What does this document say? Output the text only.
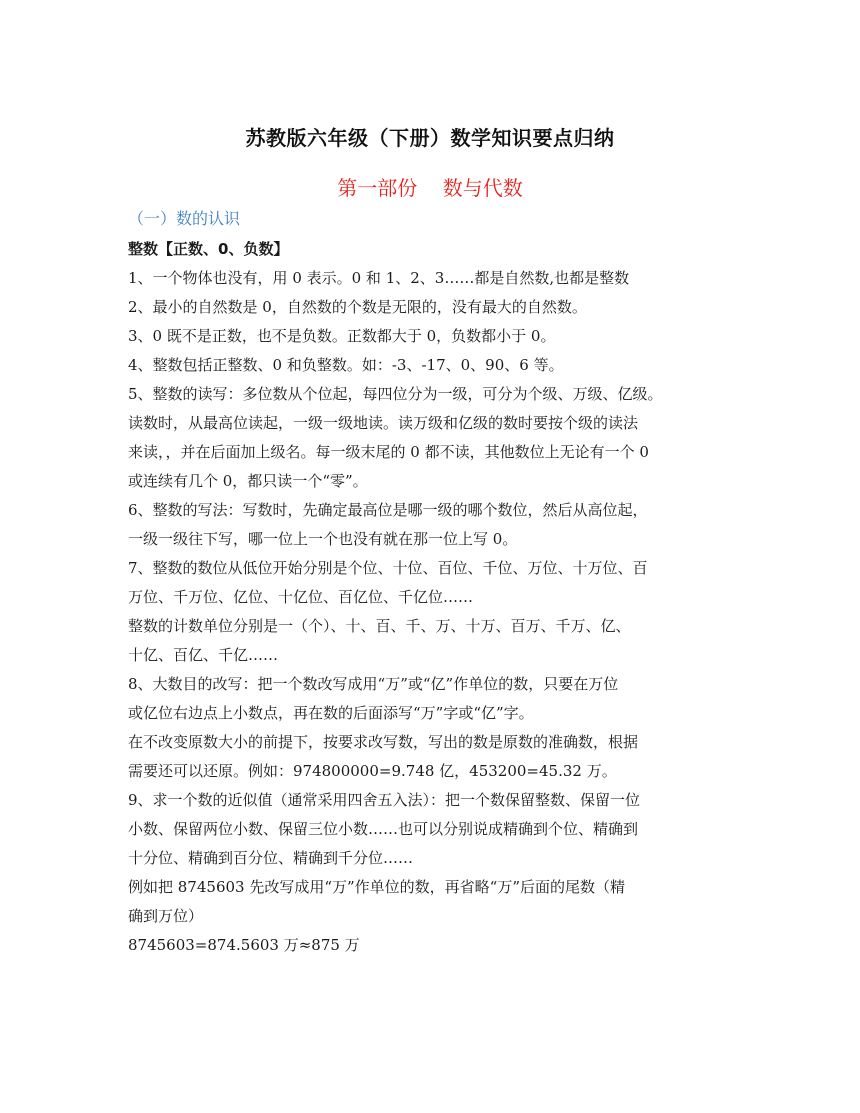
苏教版六年级（下册）数学知识要点归纳
第一部份    数与代数
（一）数的认识
整数【正数、0、负数】
1、一个物体也没有，用 0 表示。0 和 1、2、3……都是自然数,也都是整数
2、最小的自然数是 0，自然数的个数是无限的，没有最大的自然数。
3、0 既不是正数，也不是负数。正数都大于 0，负数都小于 0。
4、整数包括正整数、0 和负整数。如：-3、-17、0、90、6 等。
5、整数的读写：多位数从个位起，每四位分为一级，可分为个级、万级、亿级。
读数时，从最高位读起，一级一级地读。读万级和亿级的数时要按个级的读法
来读，，并在后面加上级名。每一级末尾的 0 都不读，其他数位上无论有一个 0
或连续有几个 0，都只读一个“零”。
6、整数的写法：写数时，先确定最高位是哪一级的哪个数位，然后从高位起，
一级一级往下写，哪一位上一个也没有就在那一位上写 0。
7、整数的数位从低位开始分别是个位、十位、百位、千位、万位、十万位、百
万位、千万位、亿位、十亿位、百亿位、千亿位……
整数的计数单位分别是一（个）、十、百、千、万、十万、百万、千万、亿、
十亿、百亿、千亿……
8、大数目的改写：把一个数改写成用“万”或“亿”作单位的数，只要在万位
或亿位右边点上小数点，再在数的后面添写“万”字或“亿”字。
在不改变原数大小的前提下，按要求改写数，写出的数是原数的准确数，根据
需要还可以还原。例如：974800000=9.748 亿，453200=45.32 万。
9、求一个数的近似值（通常采用四舍五入法）：把一个数保留整数、保留一位
小数、保留两位小数、保留三位小数……也可以分别说成精确到个位、精确到
十分位、精确到百分位、精确到千分位……
例如把 8745603 先改写成用“万”作单位的数，再省略“万”后面的尾数（精
确到万位）
8745603=874.5603 万≈875 万
